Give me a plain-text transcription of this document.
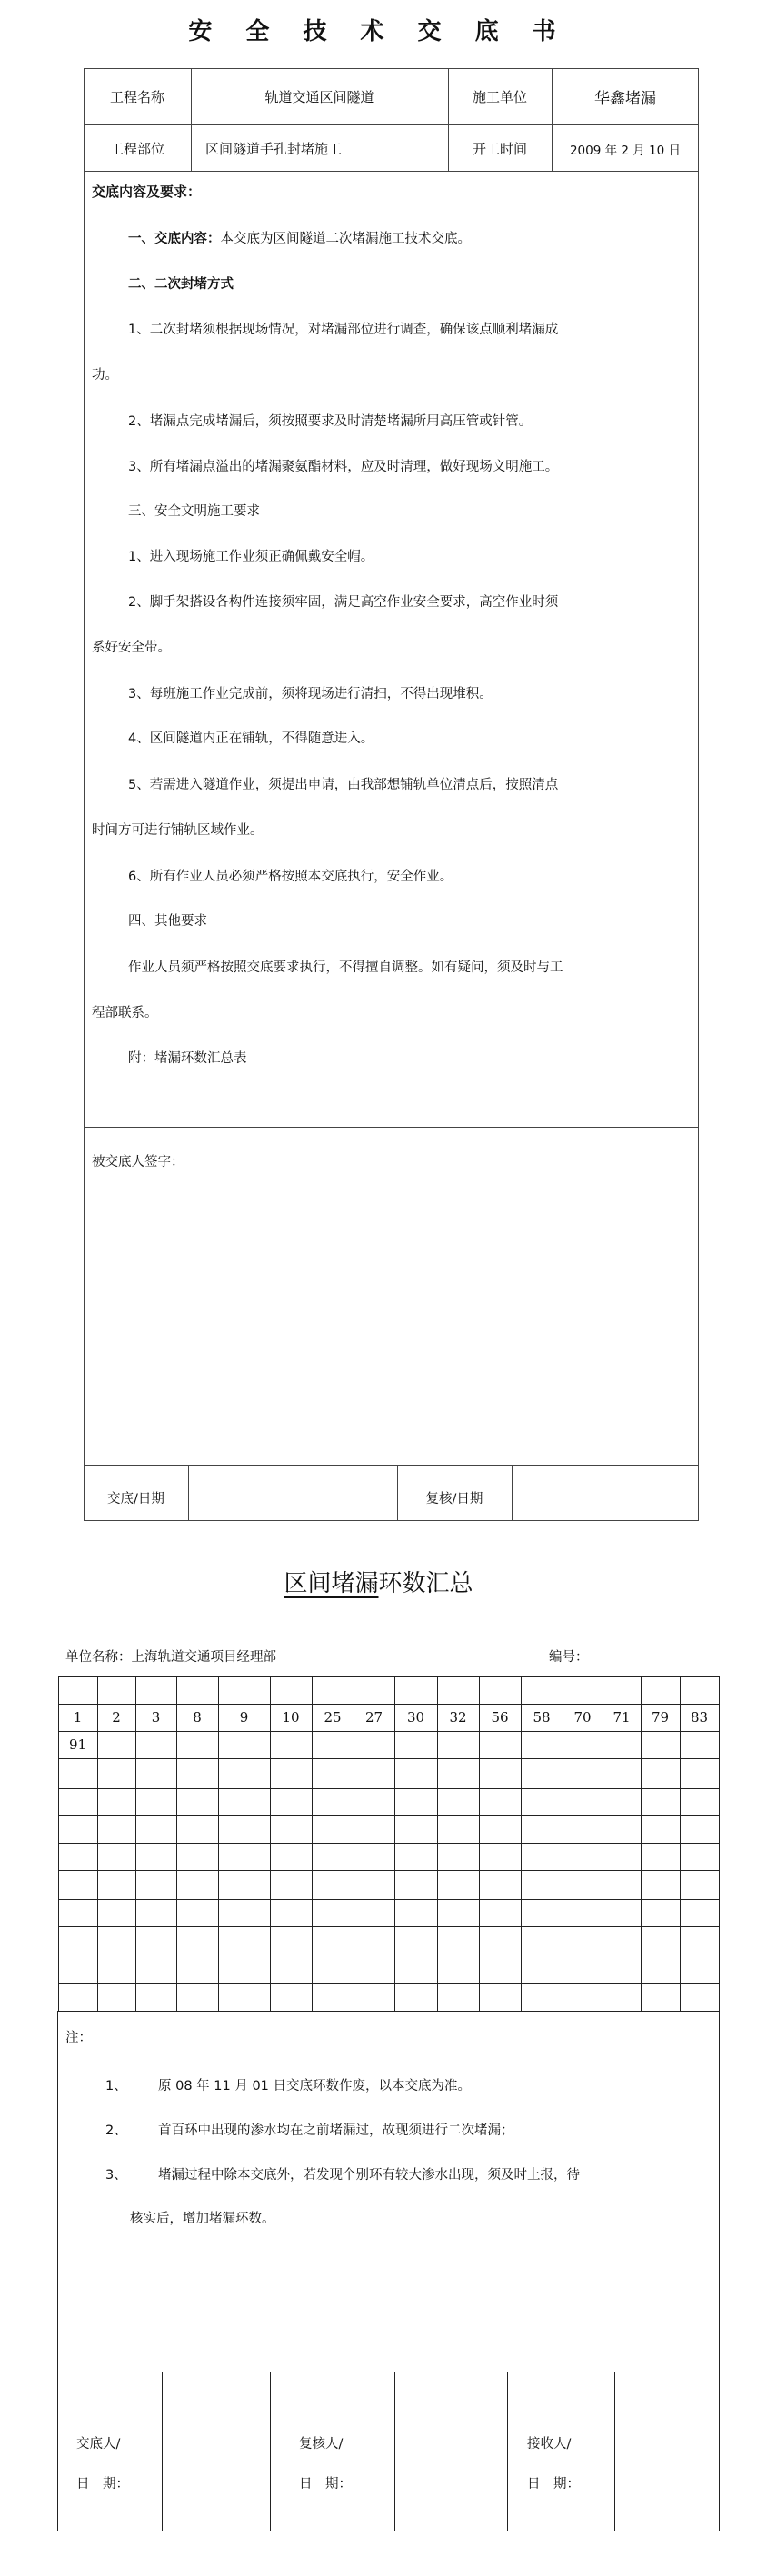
安 全 技 术 交 底 书
工程名称	轨道交通区间隧道	施工单位	华鑫堵漏
工程部位	区间隧道手孔封堵施工	开工时间	2009 年 2 月 10 日
交底内容及要求：
一、交底内容：本交底为区间隧道二次堵漏施工技术交底。
二、二次封堵方式
1、二次封堵须根据现场情况，对堵漏部位进行调查，确保该点顺利堵漏成
功。
2、堵漏点完成堵漏后，须按照要求及时清楚堵漏所用高压管或针管。
3、所有堵漏点溢出的堵漏聚氨酯材料，应及时清理，做好现场文明施工。
三、安全文明施工要求
1、进入现场施工作业须正确佩戴安全帽。
2、脚手架搭设各构件连接须牢固，满足高空作业安全要求，高空作业时须
系好安全带。
3、每班施工作业完成前，须将现场进行清扫，不得出现堆积。
4、区间隧道内正在铺轨，不得随意进入。
5、若需进入隧道作业，须提出申请，由我部想铺轨单位清点后，按照清点
时间方可进行铺轨区域作业。
6、所有作业人员必须严格按照本交底执行，安全作业。
四、其他要求
作业人员须严格按照交底要求执行，不得擅自调整。如有疑问，须及时与工
程部联系。
附：堵漏环数汇总表
被交底人签字：
交底/日期	复核/日期
区间堵漏环数汇总
单位名称：上海轨道交通项目经理部	编号：
1	2	3	8	9	10	25	27	30	32	56	58	70	71	79	83
91
注：
1、 原 08 年 11 月 01 日交底环数作废，以本交底为准。
2、 首百环中出现的渗水均在之前堵漏过，故现须进行二次堵漏；
3、 堵漏过程中除本交底外，若发现个别环有较大渗水出现，须及时上报，待
核实后，增加堵漏环数。
交底人/
日　期：
复核人/
日　期：
接收人/
日　期：
